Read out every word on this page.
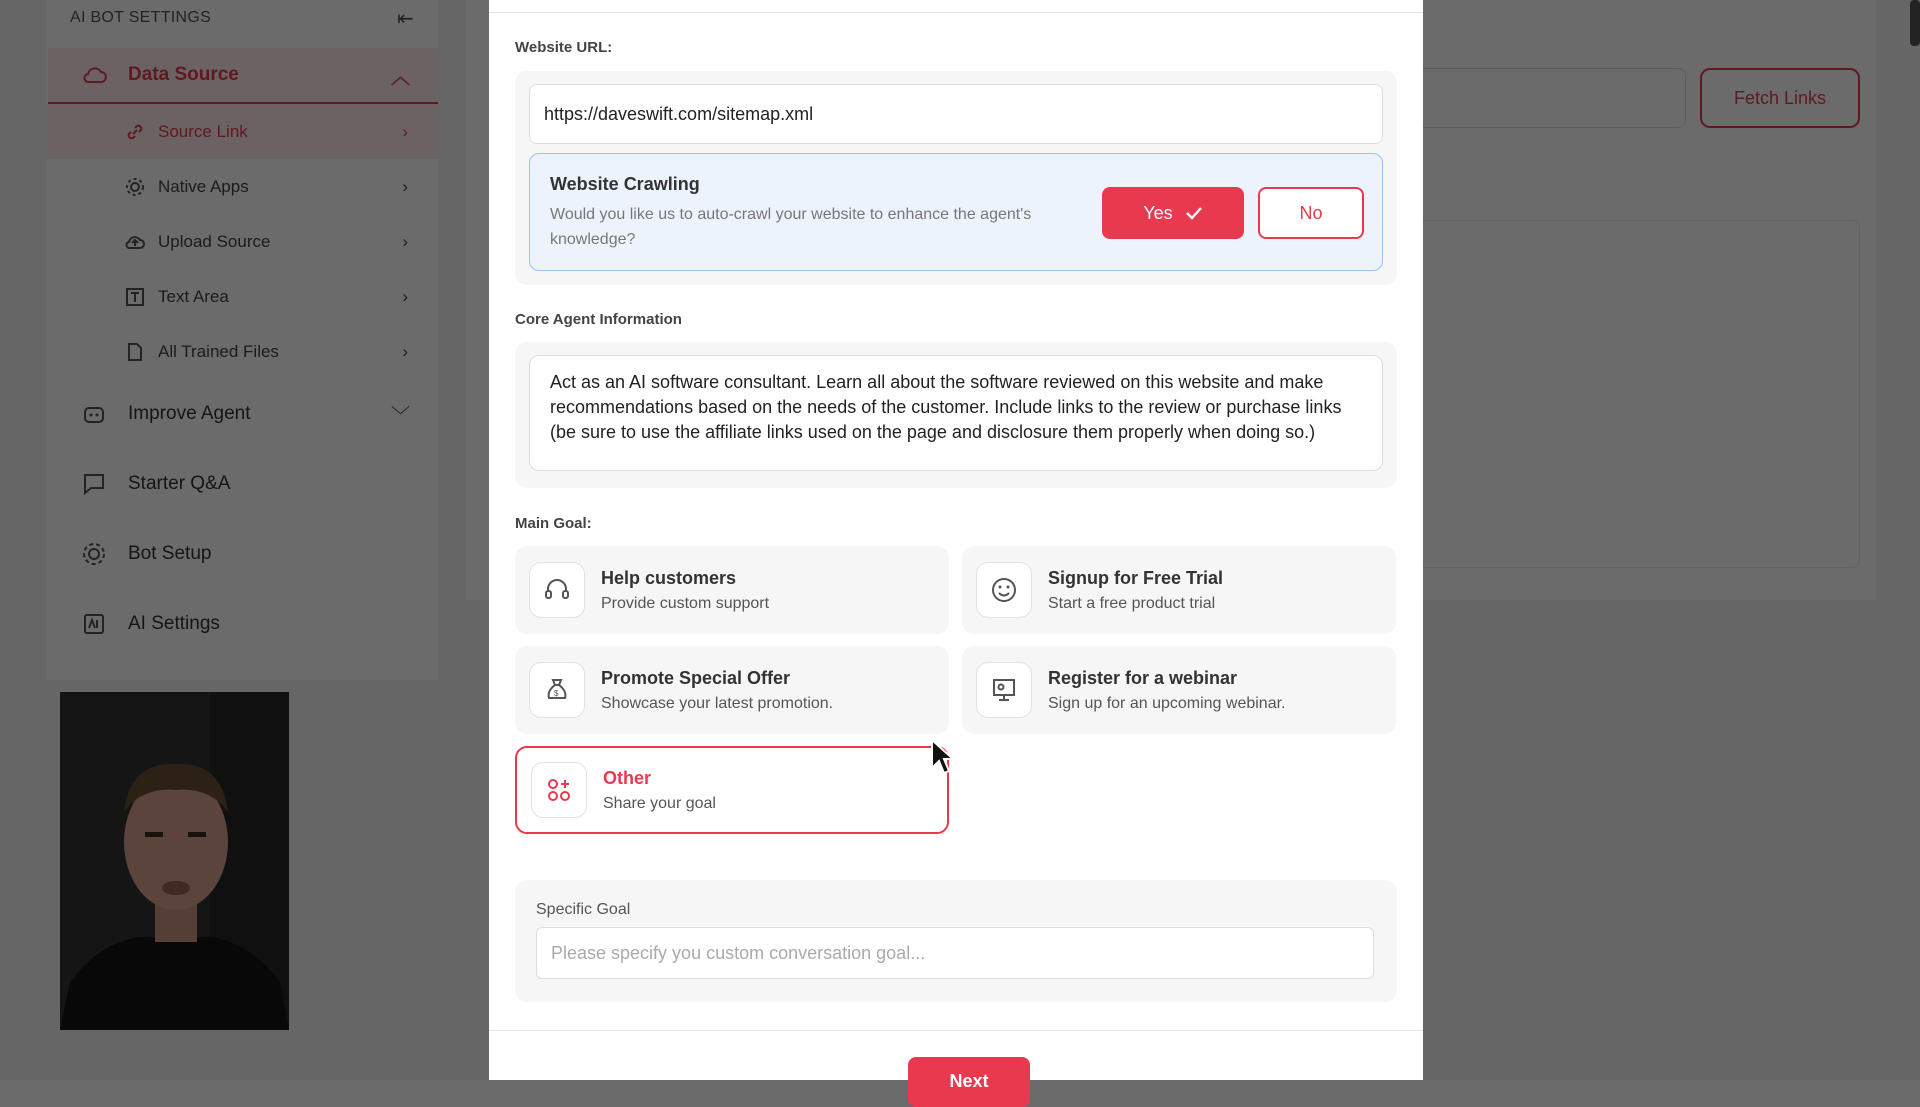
Website URL:
https://daveswift.com/sitemap.xml
Website Crawling
Would you like us to auto-crawl your website to enhance the agent's knowledge?
Yes	No
Core Agent Information
Act as an AI software consultant. Learn all about the software reviewed on this website and make recommendations based on the needs of the customer. Include links to the review or purchase links (be sure to use the affiliate links used on the page and disclosure them properly when doing so.)
Main Goal:
Help customers
Provide custom support
Signup for Free Trial
Start a free product trial
$
Promote Special Offer
Showcase your latest promotion.
Register for a webinar
Sign up for an upcoming webinar.
Other
Share your goal
Specific Goal
Please specify you custom conversation goal...
Next
